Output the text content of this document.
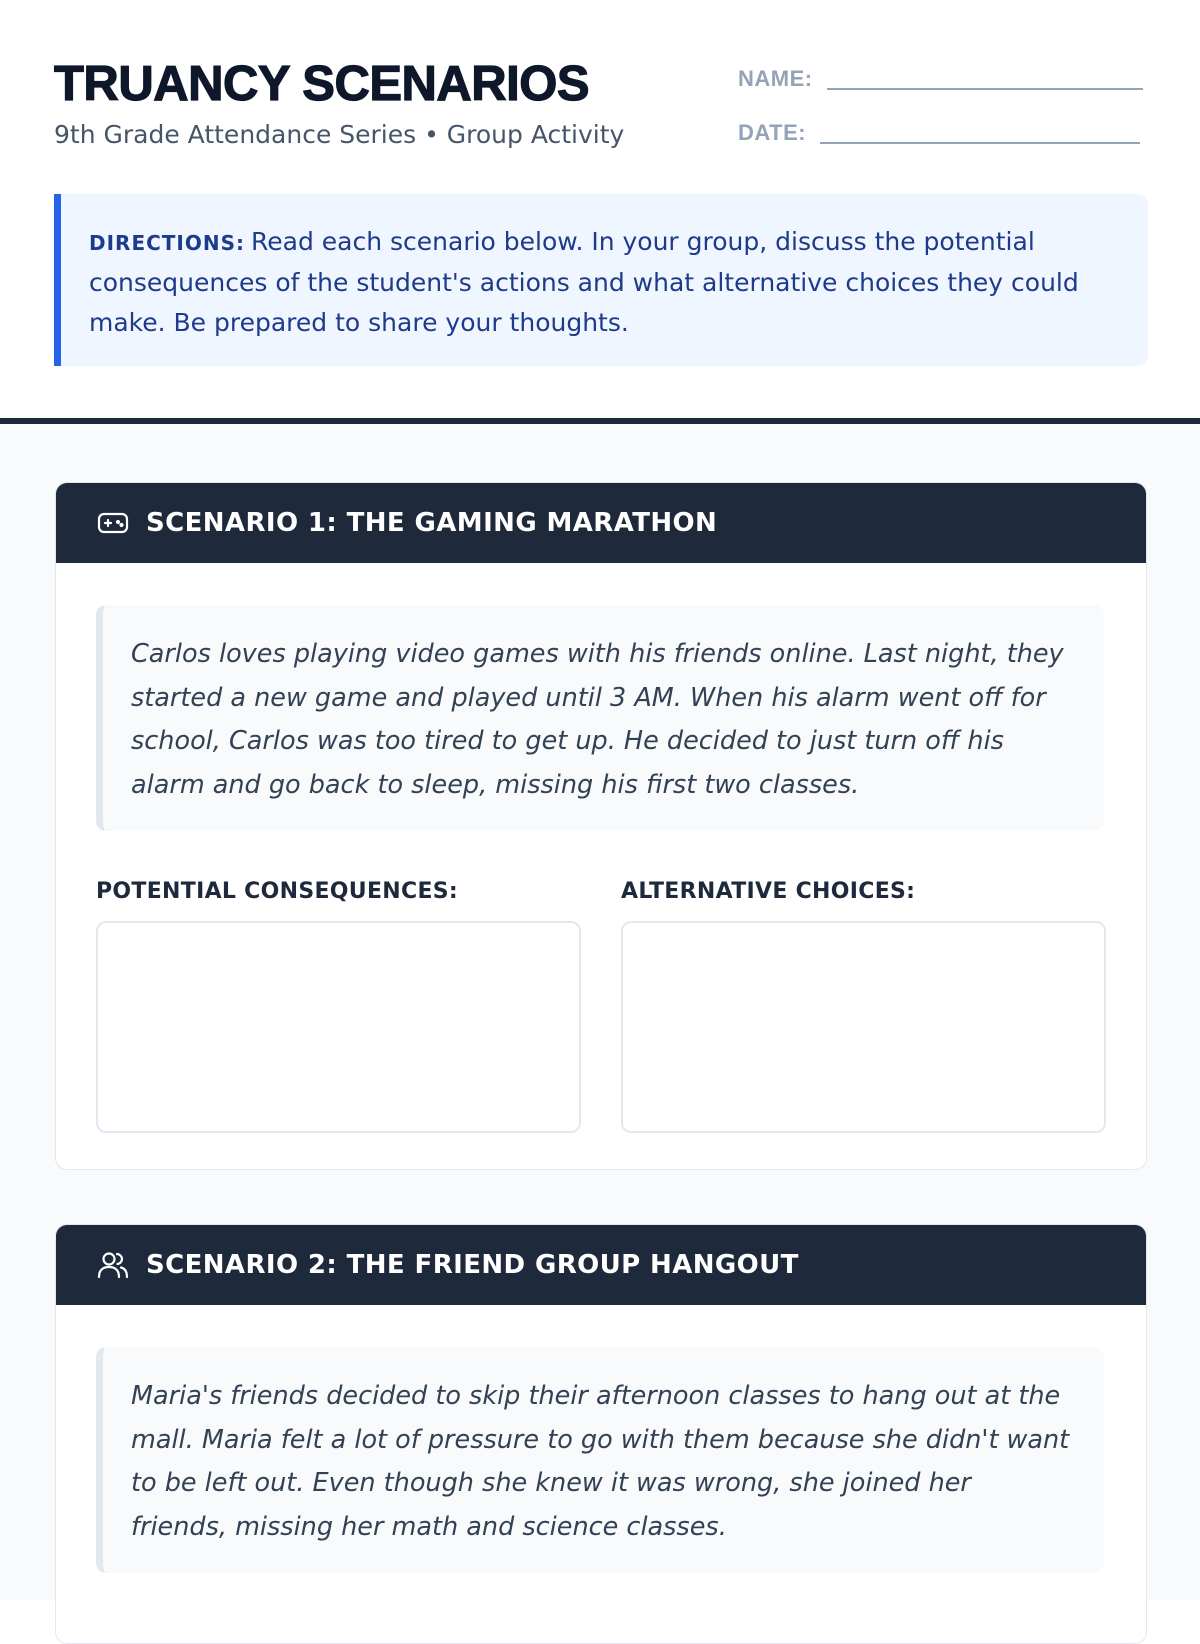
TRUANCY SCENARIOS
9th Grade Attendance Series • Group Activity
NAME:
DATE:
DIRECTIONS: Read each scenario below. In your group, discuss the potential consequences of the student's actions and what alternative choices they could make. Be prepared to share your thoughts.
SCENARIO 1: THE GAMING MARATHON
Carlos loves playing video games with his friends online. Last night, they started a new game and played until 3 AM. When his alarm went off for school, Carlos was too tired to get up. He decided to just turn off his alarm and go back to sleep, missing his first two classes.
POTENTIAL CONSEQUENCES:	ALTERNATIVE CHOICES:
SCENARIO 2: THE FRIEND GROUP HANGOUT
Maria's friends decided to skip their afternoon classes to hang out at the mall. Maria felt a lot of pressure to go with them because she didn't want to be left out. Even though she knew it was wrong, she joined her friends, missing her math and science classes.
